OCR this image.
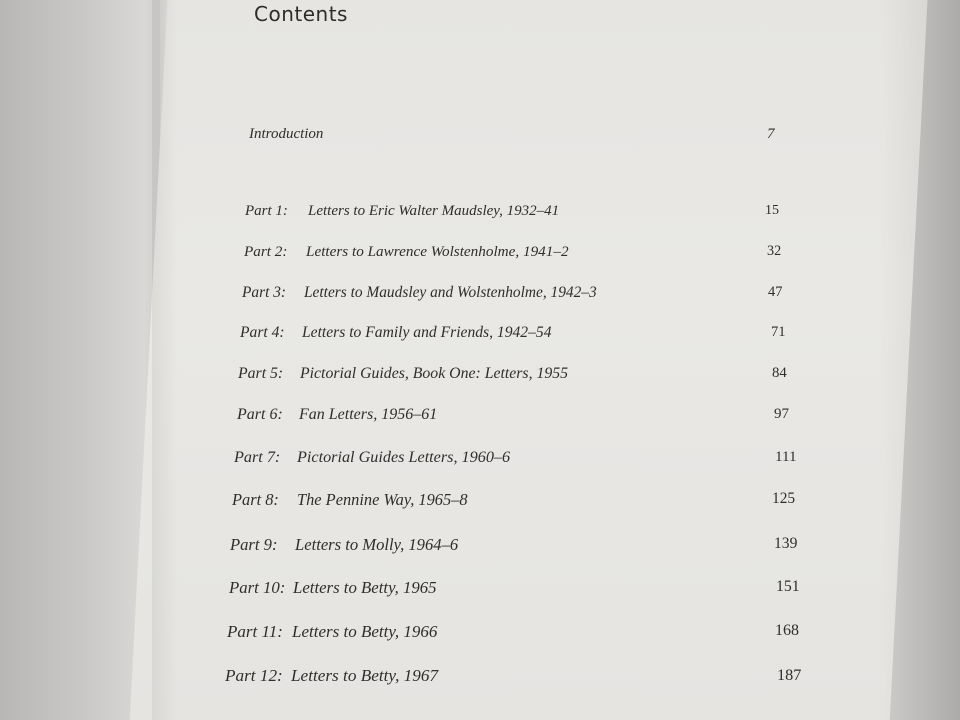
Contents
Introduction	7
Part 1: Letters to Eric Walter Maudsley, 1932–41	15
Part 2: Letters to Lawrence Wolstenholme, 1941–2	32
Part 3: Letters to Maudsley and Wolstenholme, 1942–3	47
Part 4: Letters to Family and Friends, 1942–54	71
Part 5: Pictorial Guides, Book One: Letters, 1955	84
Part 6: Fan Letters, 1956–61	97
Part 7: Pictorial Guides Letters, 1960–6	111
Part 8: The Pennine Way, 1965–8	125
Part 9: Letters to Molly, 1964–6	139
Part 10: Letters to Betty, 1965	151
Part 11: Letters to Betty, 1966	168
Part 12: Letters to Betty, 1967	187
